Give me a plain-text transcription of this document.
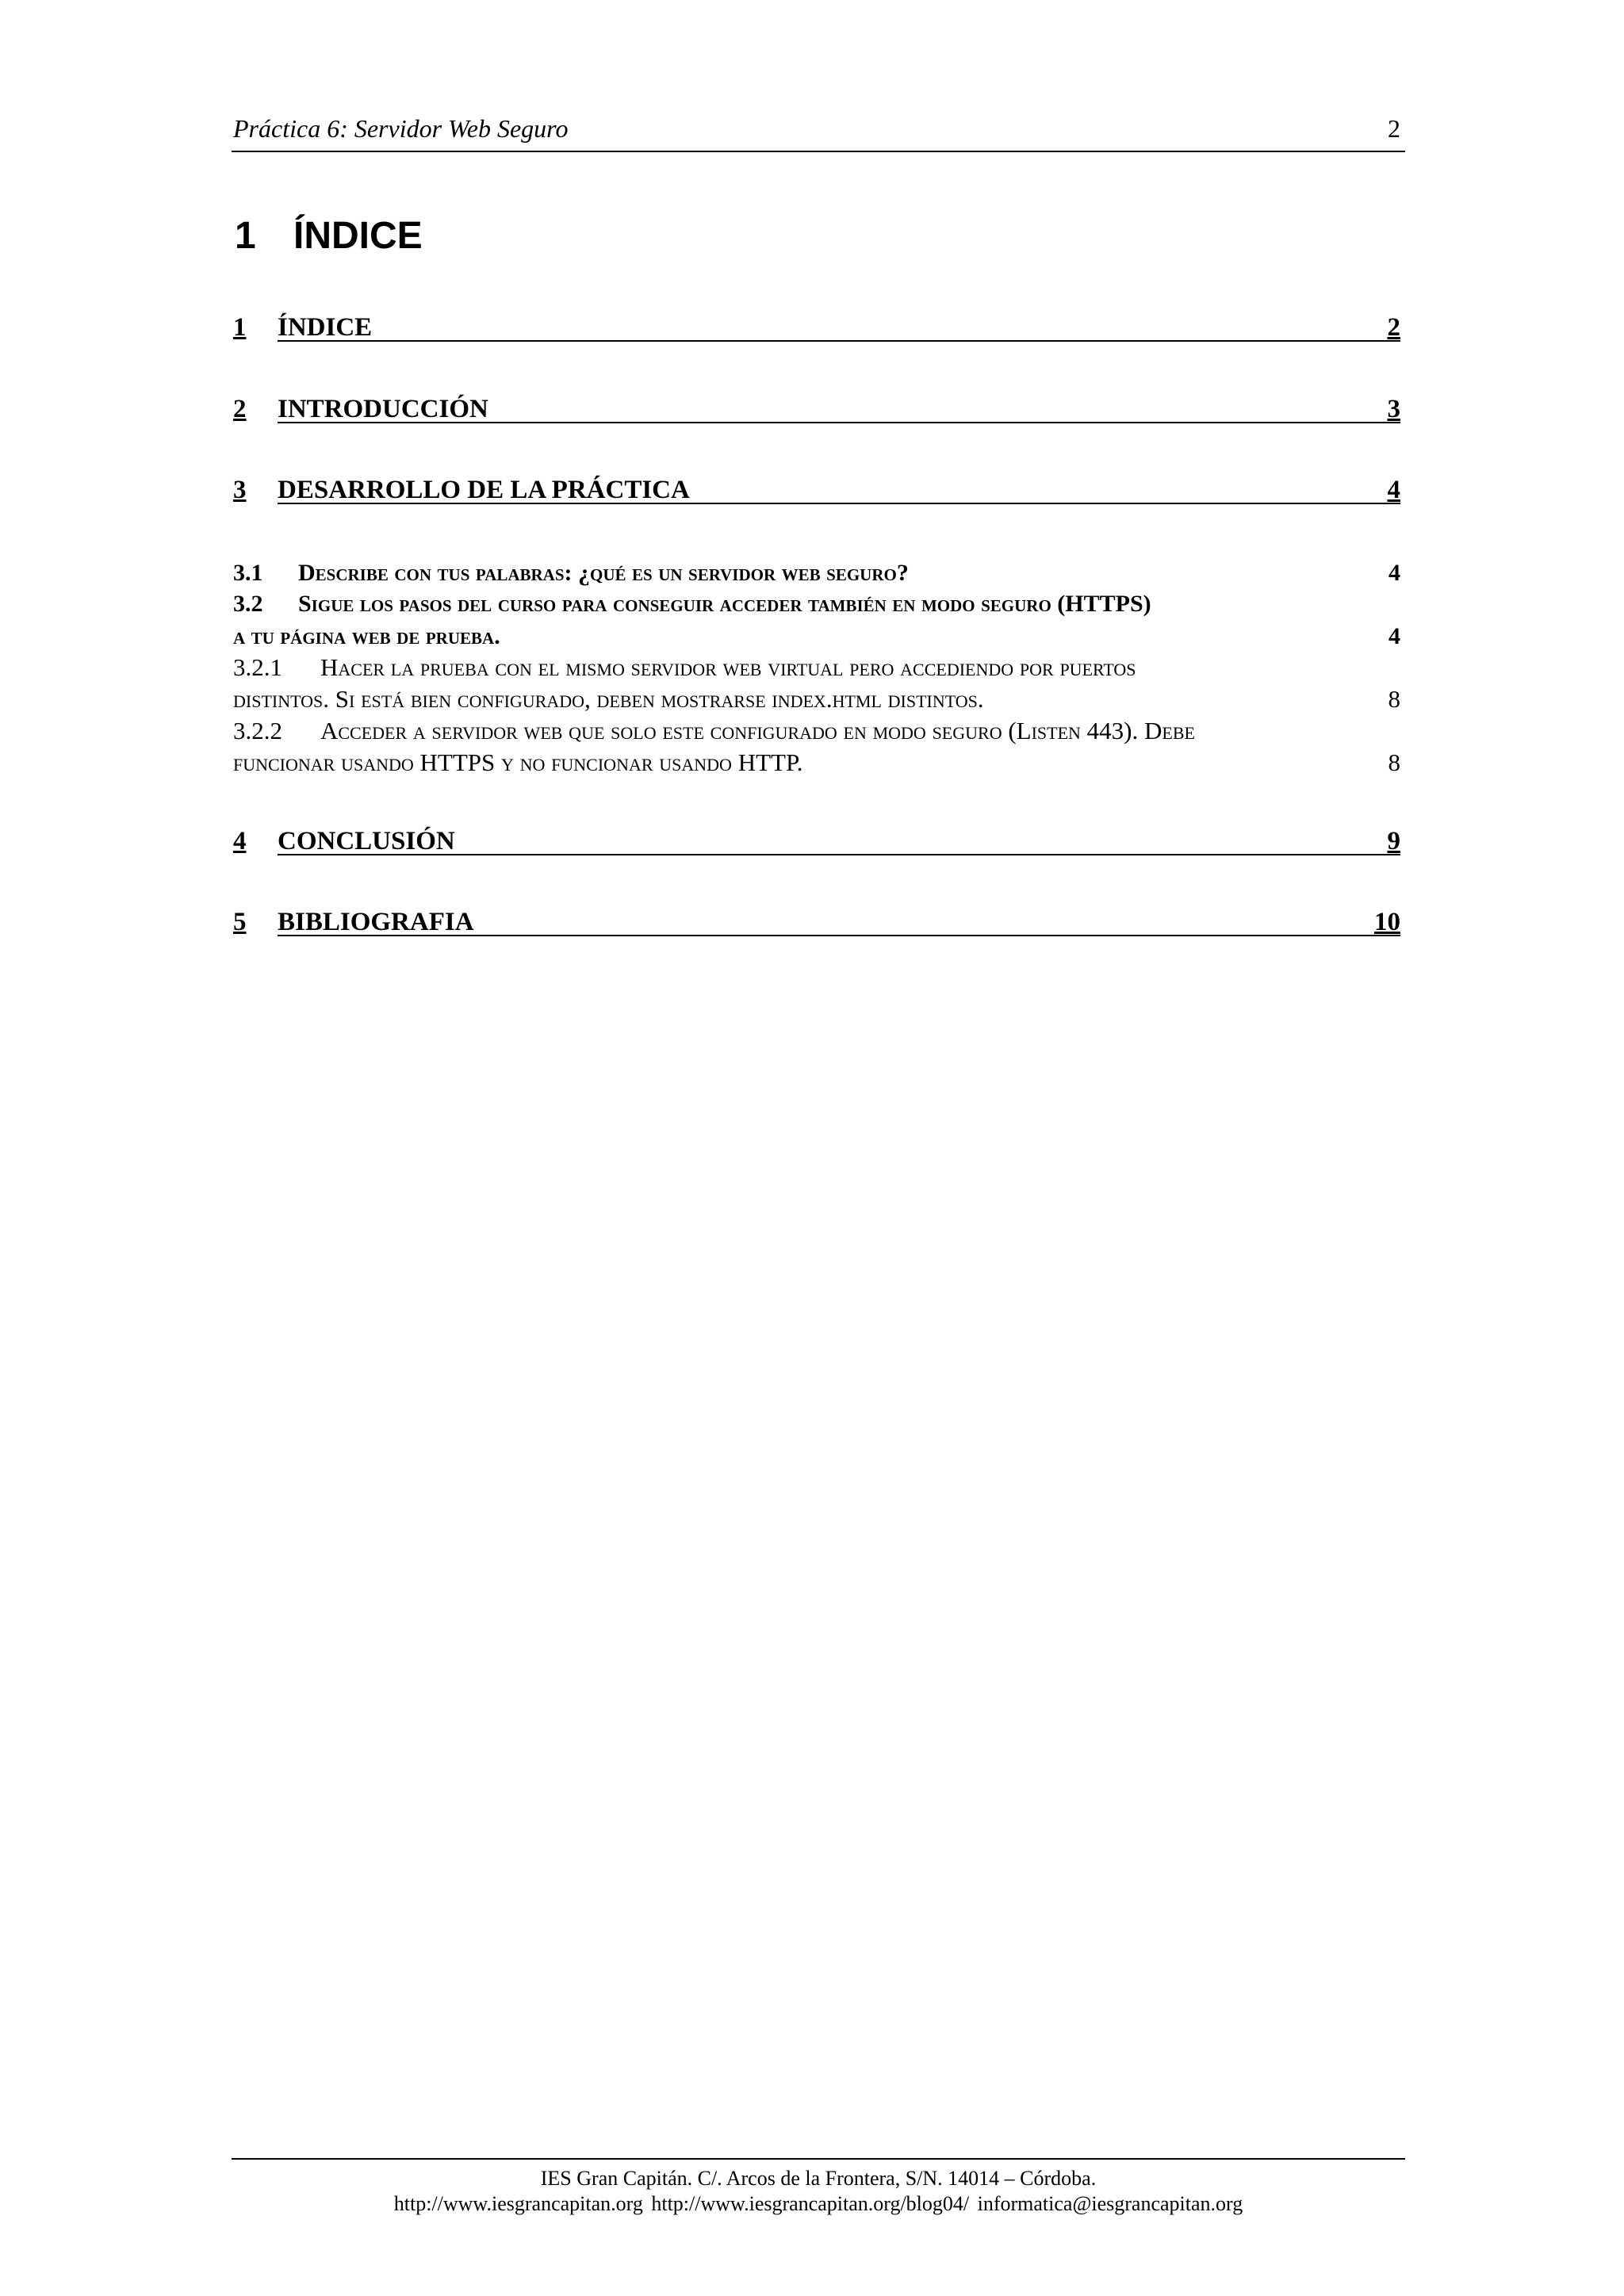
Práctica 6: Servidor Web Seguro	2
1 ÍNDICE
1 ÍNDICE	2
2 INTRODUCCIÓN	3
3 DESARROLLO DE LA PRÁCTICA	4
3.1 Describe con tus palabras: ¿qué es un servidor web seguro?	4
3.2 Sigue los pasos del curso para conseguir acceder también en modo seguro (HTTPS)
a tu página web de prueba.	4
3.2.1 Hacer la prueba con el mismo servidor web virtual pero accediendo por puertos
distintos. Si está bien configurado, deben mostrarse index.html distintos.	8
3.2.2 Acceder a servidor web que solo este configurado en modo seguro (Listen 443). Debe
funcionar usando HTTPS y no funcionar usando HTTP.	8
4 CONCLUSIÓN	9
5 BIBLIOGRAFIA	10
IES Gran Capitán. C/. Arcos de la Frontera, S/N. 14014 – Córdoba.
http://www.iesgrancapitan.org http://www.iesgrancapitan.org/blog04/ informatica@iesgrancapitan.org
